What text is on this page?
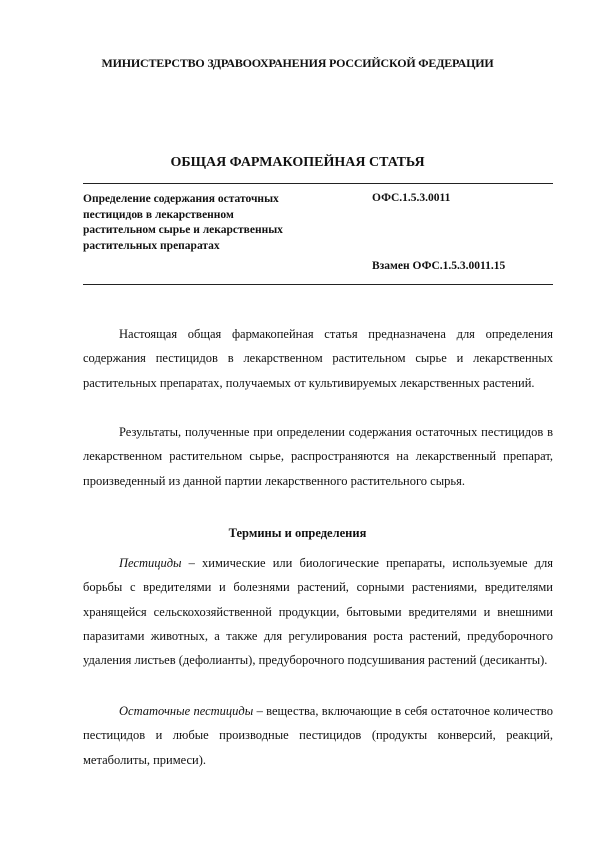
МИНИСТЕРСТВО ЗДРАВООХРАНЕНИЯ РОССИЙСКОЙ ФЕДЕРАЦИИ
ОБЩАЯ ФАРМАКОПЕЙНАЯ СТАТЬЯ
Определение содержания остаточных
пестицидов в лекарственном
растительном сырье и лекарственных
растительных препаратах
ОФС.1.5.3.0011
Взамен ОФС.1.5.3.0011.15
Настоящая общая фармакопейная статья предназначена для определения содержания пестицидов в лекарственном растительном сырье и лекарственных растительных препаратах, получаемых от культивируемых лекарственных растений.
Результаты, полученные при определении содержания остаточных пестицидов в лекарственном растительном сырье, распространяются на лекарственный препарат, произведенный из данной партии лекарственного растительного сырья.
Термины и определения
Пестициды – химические или биологические препараты, используемые для борьбы с вредителями и болезнями растений, сорными растениями, вредителями хранящейся сельскохозяйственной продукции, бытовыми вредителями и внешними паразитами животных, а также для регулирования роста растений, предуборочного удаления листьев (дефолианты), предуборочного подсушивания растений (десиканты).
Остаточные пестициды – вещества, включающие в себя остаточное количество пестицидов и любые производные пестицидов (продукты конверсий, реакций, метаболиты, примеси).
